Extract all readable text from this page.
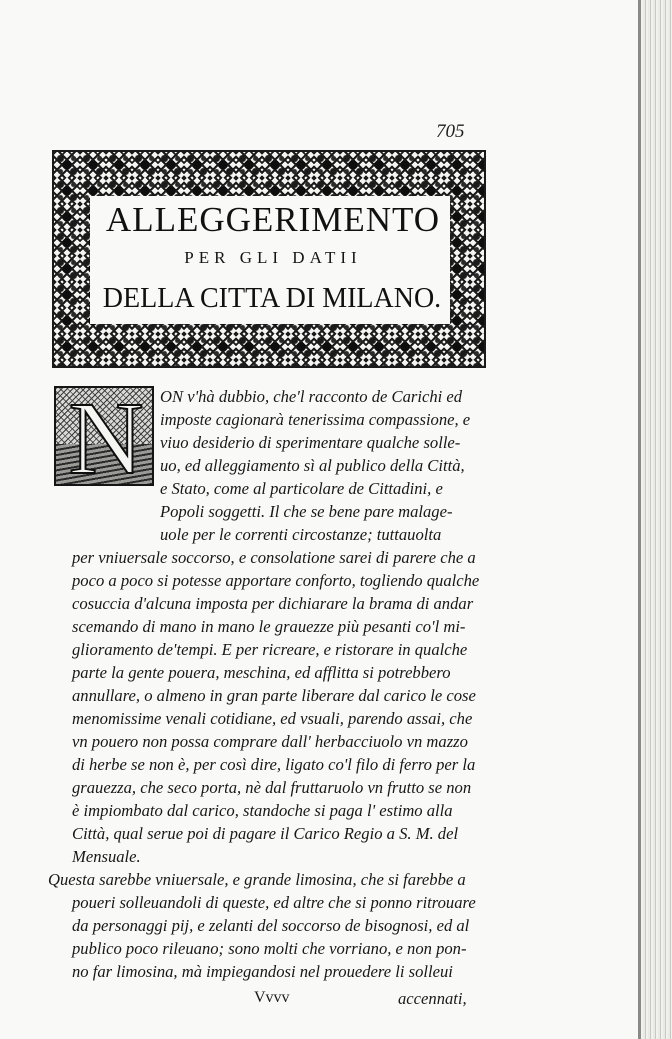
705
ALLEGGERIMENTO
PER GLI DATII
DELLA CITTA DI MILANO.
N ON v'hà dubbio, che'l racconto de Carichi ed
imposte cagionarà tenerissima compassione, e
viuo desiderio di sperimentare qualche solle-
uo, ed alleggiamento sì al publico della Città,
e Stato, come al particolare de Cittadini, e
Popoli soggetti. Il che se bene pare malage-
uole per le correnti circostanze; tuttauolta
per vniuersale soccorso, e consolatione sarei di parere che a
poco a poco si potesse apportare conforto, togliendo qualche
cosuccia d'alcuna imposta per dichiarare la brama di andar
scemando di mano in mano le grauezze più pesanti co'l mi-
glioramento de'tempi. E per ricreare, e ristorare in qualche
parte la gente pouera, meschina, ed afflitta si potrebbero
annullare, o almeno in gran parte liberare dal carico le cose
menomissime venali cotidiane, ed vsuali, parendo assai, che
vn pouero non possa comprare dall' herbacciuolo vn mazzo
di herbe se non è, per così dire, ligato co'l filo di ferro per la
grauezza, che seco porta, nè dal fruttaruolo vn frutto se non
è impiombato dal carico, standoche si paga l' estimo alla
Città, qual serue poi di pagare il Carico Regio a S. M. del
Mensuale.
Questa sarebbe vniuersale, e grande limosina, che si farebbe a
poueri solleuandoli di queste, ed altre che si ponno ritrouare
da personaggi pij, e zelanti del soccorso de bisognosi, ed al
publico poco rileuano; sono molti che vorriano, e non pon-
no far limosina, mà impiegandosi nel prouedere li solleui
Vvvv	accennati,
